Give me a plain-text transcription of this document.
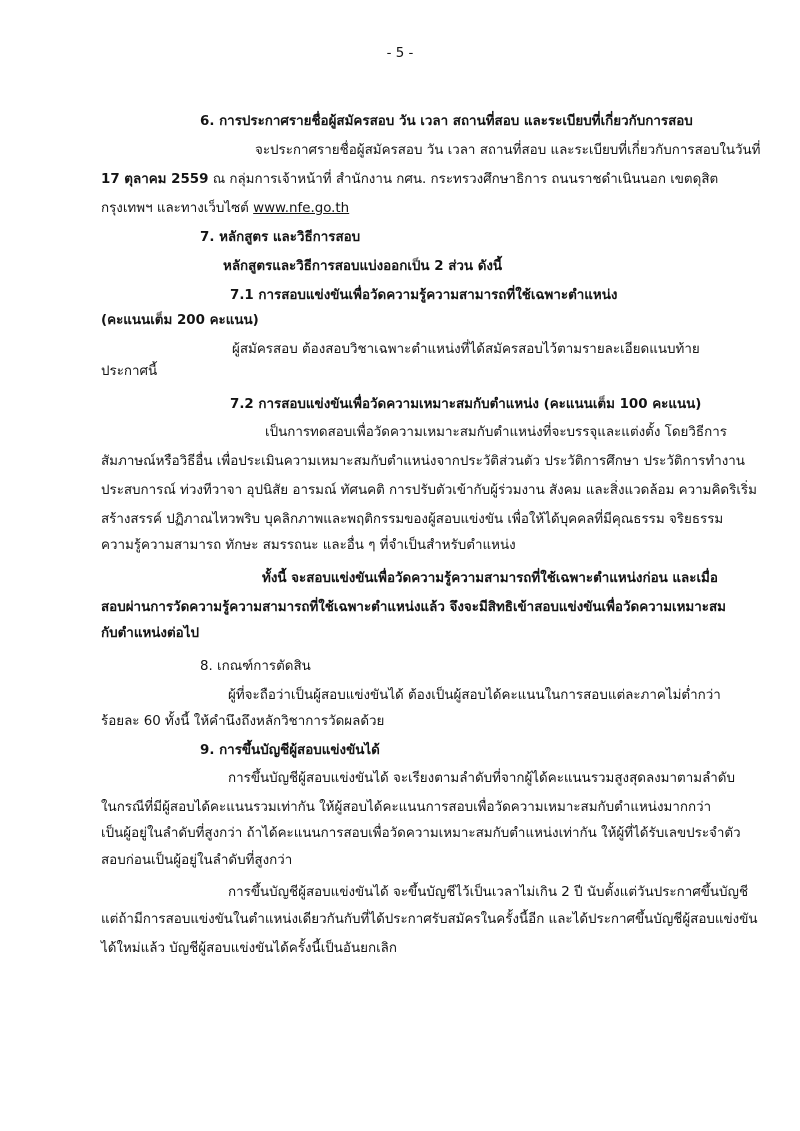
- 5 -
6. การประกาศรายชื่อผู้สมัครสอบ วัน เวลา สถานที่สอบ และระเบียบที่เกี่ยวกับการสอบ
จะประกาศรายชื่อผู้สมัครสอบ วัน เวลา สถานที่สอบ และระเบียบที่เกี่ยวกับการสอบในวันที่
17 ตุลาคม 2559 ณ กลุ่มการเจ้าหน้าที่ สำนักงาน กศน. กระทรวงศึกษาธิการ ถนนราชดำเนินนอก เขตดุสิต
กรุงเทพฯ และทางเว็บไซต์ www.nfe.go.th
7. หลักสูตร และวิธีการสอบ
หลักสูตรและวิธีการสอบแบ่งออกเป็น 2 ส่วน ดังนี้
7.1 การสอบแข่งขันเพื่อวัดความรู้ความสามารถที่ใช้เฉพาะตำแหน่ง
(คะแนนเต็ม 200 คะแนน)
ผู้สมัครสอบ ต้องสอบวิชาเฉพาะตำแหน่งที่ได้สมัครสอบไว้ตามรายละเอียดแนบท้าย
ประกาศนี้
7.2 การสอบแข่งขันเพื่อวัดความเหมาะสมกับตำแหน่ง (คะแนนเต็ม 100 คะแนน)
เป็นการทดสอบเพื่อวัดความเหมาะสมกับตำแหน่งที่จะบรรจุและแต่งตั้ง โดยวิธีการ
สัมภาษณ์หรือวิธีอื่น เพื่อประเมินความเหมาะสมกับตำแหน่งจากประวัติส่วนตัว ประวัติการศึกษา ประวัติการทำงาน
ประสบการณ์ ท่วงทีวาจา อุปนิสัย อารมณ์ ทัศนคติ การปรับตัวเข้ากับผู้ร่วมงาน สังคม และสิ่งแวดล้อม ความคิดริเริ่ม
สร้างสรรค์ ปฏิภาณไหวพริบ บุคลิกภาพและพฤติกรรมของผู้สอบแข่งขัน เพื่อให้ได้บุคคลที่มีคุณธรรม จริยธรรม
ความรู้ความสามารถ ทักษะ สมรรถนะ และอื่น ๆ ที่จำเป็นสำหรับตำแหน่ง
ทั้งนี้ จะสอบแข่งขันเพื่อวัดความรู้ความสามารถที่ใช้เฉพาะตำแหน่งก่อน และเมื่อ
สอบผ่านการวัดความรู้ความสามารถที่ใช้เฉพาะตำแหน่งแล้ว จึงจะมีสิทธิเข้าสอบแข่งขันเพื่อวัดความเหมาะสม
กับตำแหน่งต่อไป
8. เกณฑ์การตัดสิน
ผู้ที่จะถือว่าเป็นผู้สอบแข่งขันได้ ต้องเป็นผู้สอบได้คะแนนในการสอบแต่ละภาคไม่ต่ำกว่า
ร้อยละ 60 ทั้งนี้ ให้คำนึงถึงหลักวิชาการวัดผลด้วย
9. การขึ้นบัญชีผู้สอบแข่งขันได้
การขึ้นบัญชีผู้สอบแข่งขันได้ จะเรียงตามลำดับที่จากผู้ได้คะแนนรวมสูงสุดลงมาตามลำดับ
ในกรณีที่มีผู้สอบได้คะแนนรวมเท่ากัน ให้ผู้สอบได้คะแนนการสอบเพื่อวัดความเหมาะสมกับตำแหน่งมากกว่า
เป็นผู้อยู่ในลำดับที่สูงกว่า ถ้าได้คะแนนการสอบเพื่อวัดความเหมาะสมกับตำแหน่งเท่ากัน ให้ผู้ที่ได้รับเลขประจำตัว
สอบก่อนเป็นผู้อยู่ในลำดับที่สูงกว่า
การขึ้นบัญชีผู้สอบแข่งขันได้ จะขึ้นบัญชีไว้เป็นเวลาไม่เกิน 2 ปี นับตั้งแต่วันประกาศขึ้นบัญชี
แต่ถ้ามีการสอบแข่งขันในตำแหน่งเดียวกันกับที่ได้ประกาศรับสมัครในครั้งนี้อีก และได้ประกาศขึ้นบัญชีผู้สอบแข่งขัน
ได้ใหม่แล้ว บัญชีผู้สอบแข่งขันได้ครั้งนี้เป็นอันยกเลิก
